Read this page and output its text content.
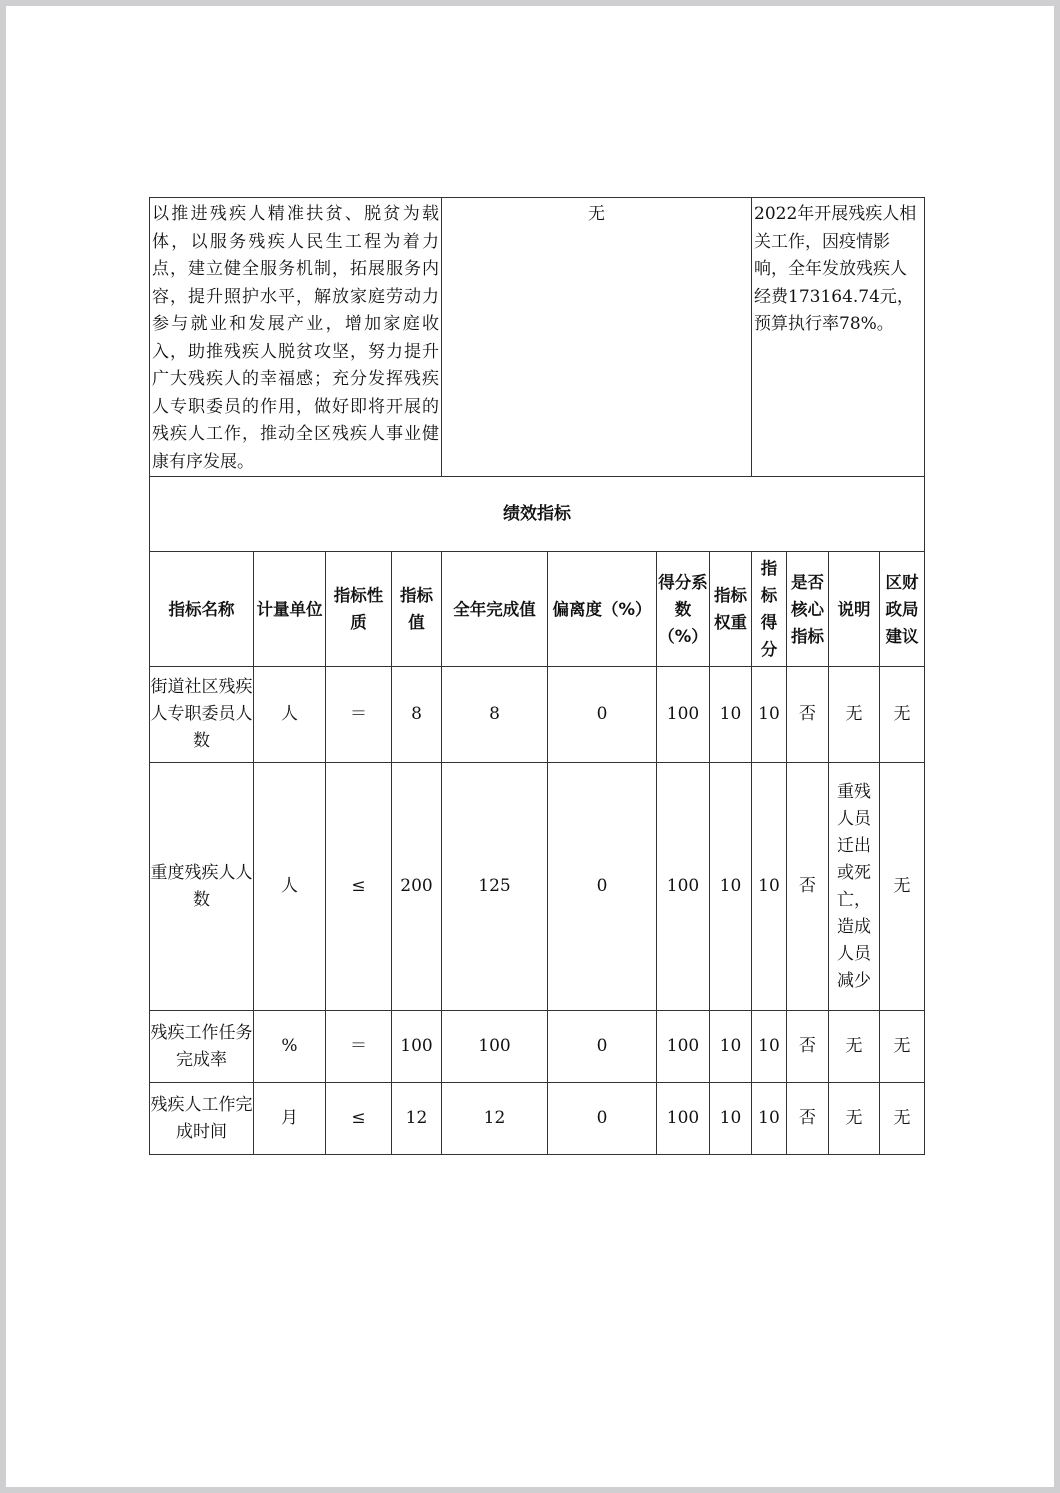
以推进残疾人精准扶贫、脱贫为载体，以服务残疾人民生工程为着力点，建立健全服务机制，拓展服务内容，提升照护水平，解放家庭劳动力参与就业和发展产业，增加家庭收入，助推残疾人脱贫攻坚，努力提升广大残疾人的幸福感；充分发挥残疾人专职委员的作用，做好即将开展的残疾人工作，推动全区残疾人事业健康有序发展。				无				2022年开展残疾人相关工作，因疫情影响，全年发放残疾人经费173164.74元，预算执行率78%。			
绩效指标											
指标名称	计量单位	指标性质	指标值	全年完成值	偏离度（%）	得分系数（%）	指标权重	指标得分	是否核心指标	说明	区财政局建议
街道社区残疾人专职委员人数	人	＝	8	8	0	100	10	10	否	无	无
重度残疾人人数	人	≤	200	125	0	100	10	10	否	重残人员迁出或死亡，造成人员减少	无
残疾工作任务完成率	%	＝	100	100	0	100	10	10	否	无	无
残疾人工作完成时间	月	≤	12	12	0	100	10	10	否	无	无
